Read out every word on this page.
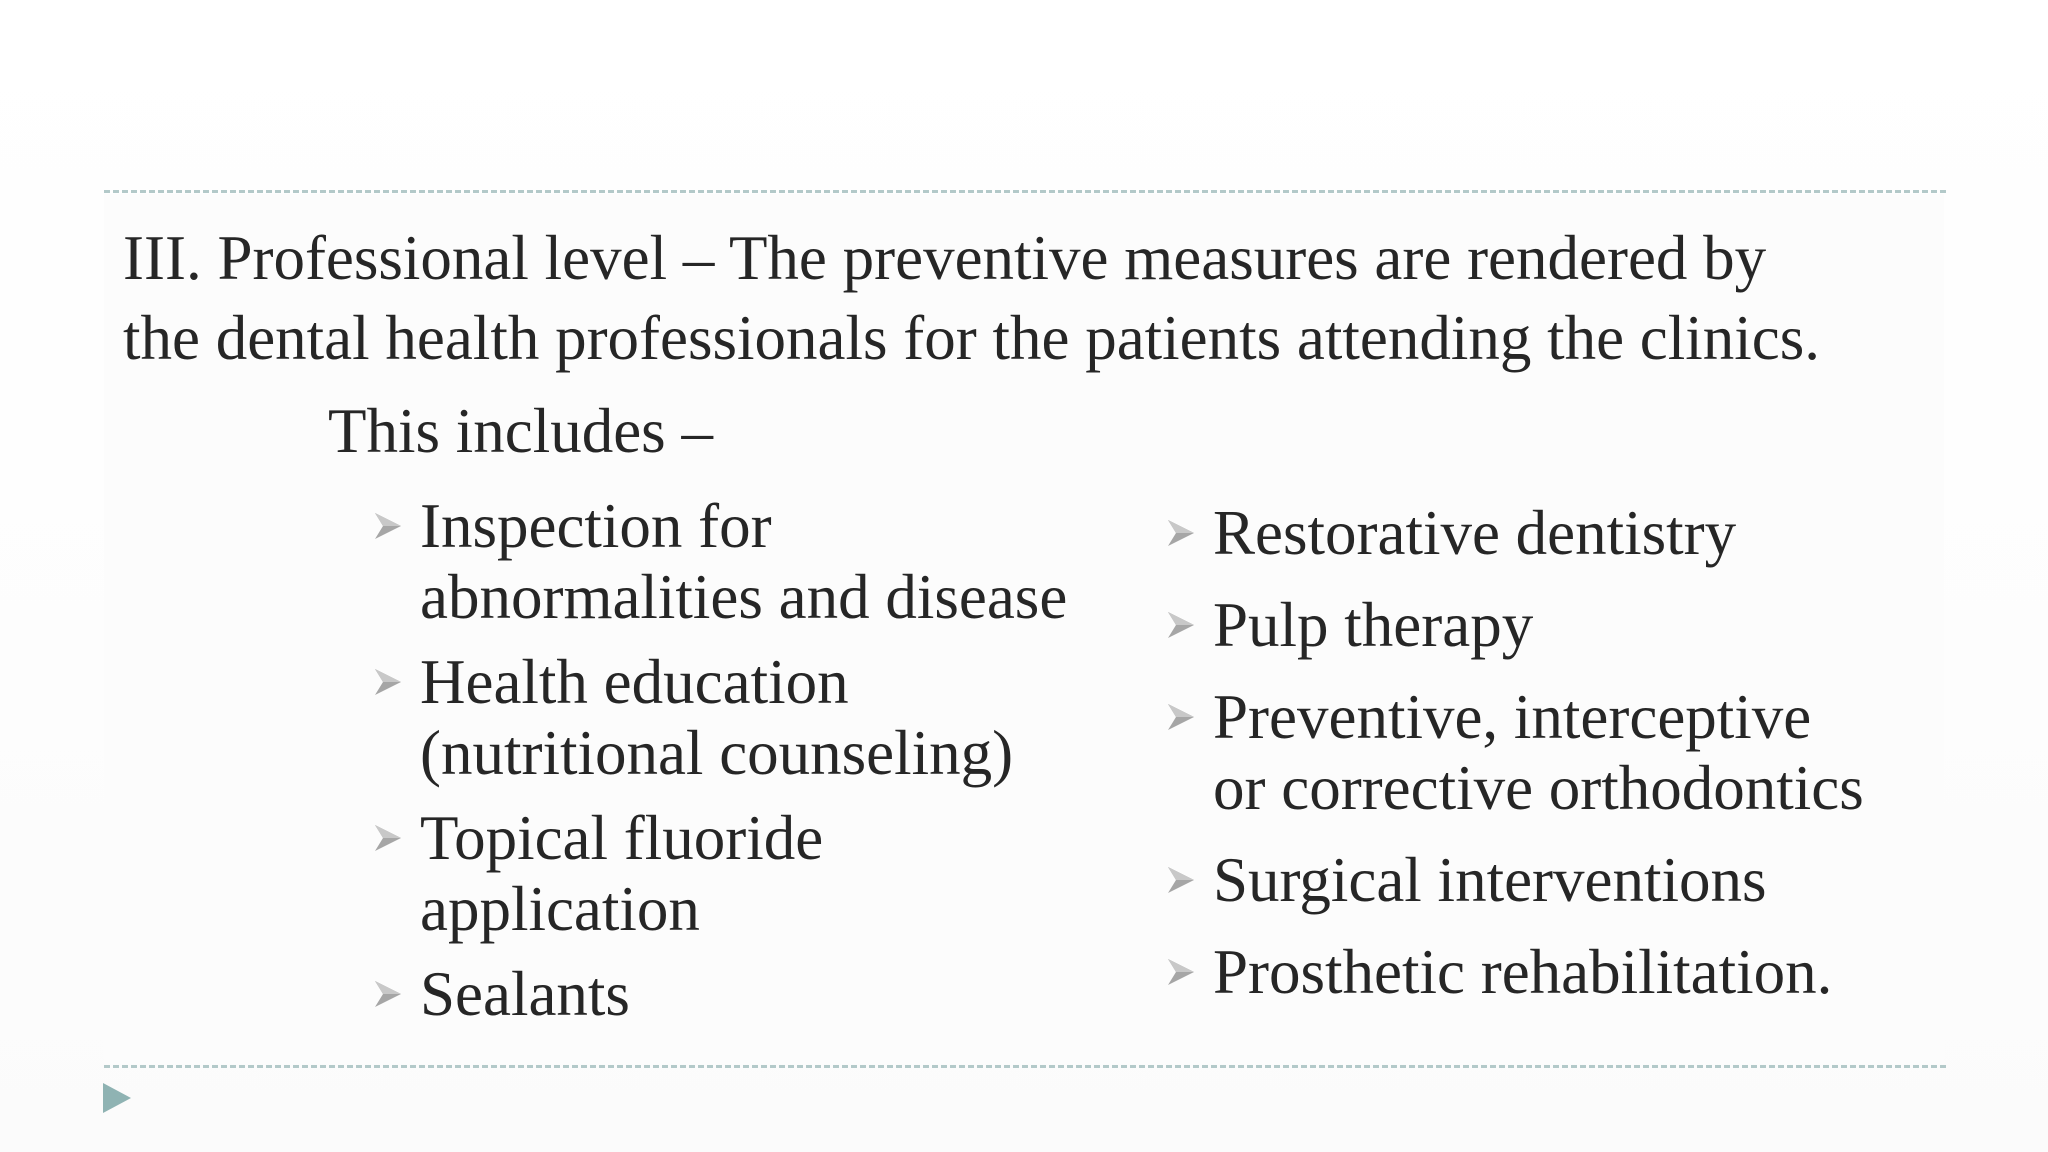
III. Professional level – The preventive measures are rendered by
the dental health professionals for the patients attending the clinics.
This includes –
Inspection for
abnormalities and disease
Health education
(nutritional counseling)
Topical fluoride
application
Sealants
Restorative dentistry
Pulp therapy
Preventive, interceptive
or corrective orthodontics
Surgical interventions
Prosthetic rehabilitation.
